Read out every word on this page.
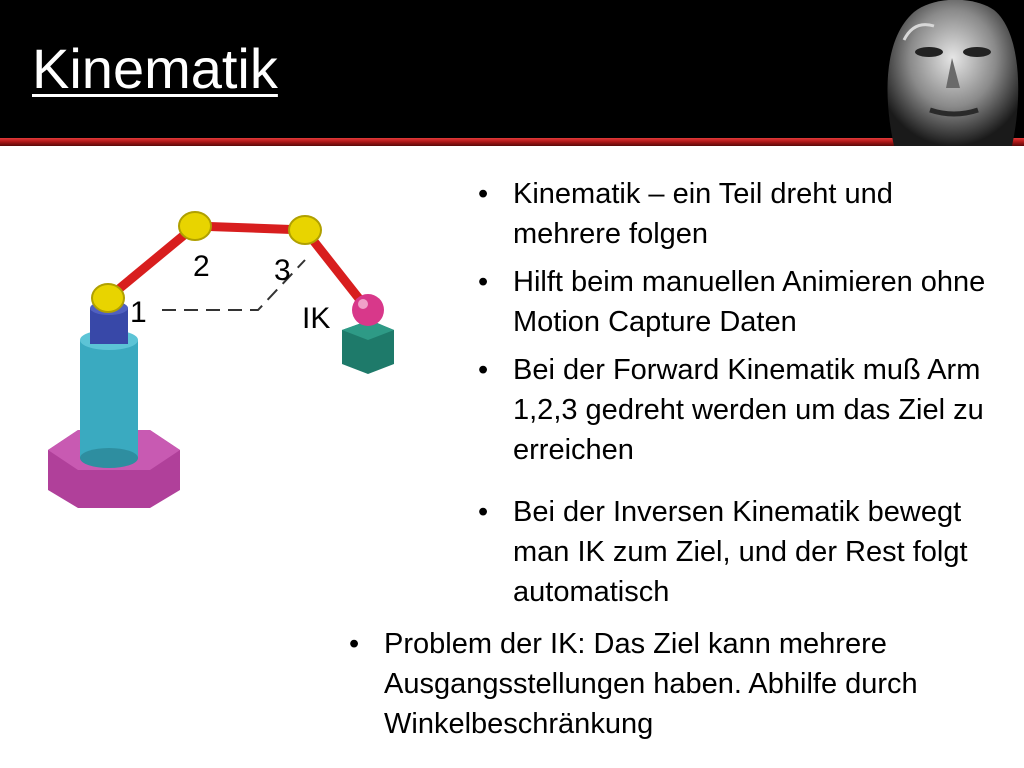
Kinematik
1
2 3
IK
• Kinematik – ein Teil dreht und mehrere folgen
• Hilft beim manuellen Animieren ohne Motion Capture Daten
• Bei der Forward Kinematik muß Arm 1,2,3 gedreht werden um das Ziel zu erreichen
• Bei der Inversen Kinematik bewegt man IK zum Ziel, und der Rest folgt automatisch
• Problem der IK: Das Ziel kann mehrere Ausgangsstellungen haben. Abhilfe durch Winkelbeschränkung
